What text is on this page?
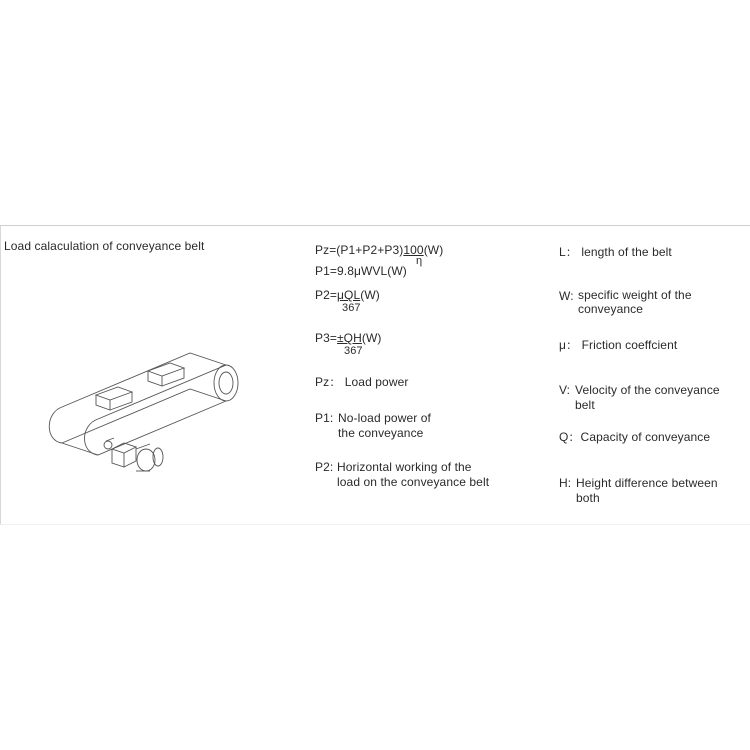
Load calaculation of conveyance belt	Pz=(P1+P2+P3)100(W)
η
P1=9.8μWVL(W)
P2=μQL(W)
367
P3=±QH(W)
367
Pz： Load power
P1: No-load power of
the conveyance
P2: Horizontal working of the
load on the conveyance belt
L： length of the belt
W: specific weight of the
conveyance
μ： Friction coeffcient
V: Velocity of the conveyance
belt
Q：Capacity of conveyance
H: Height difference between
both
